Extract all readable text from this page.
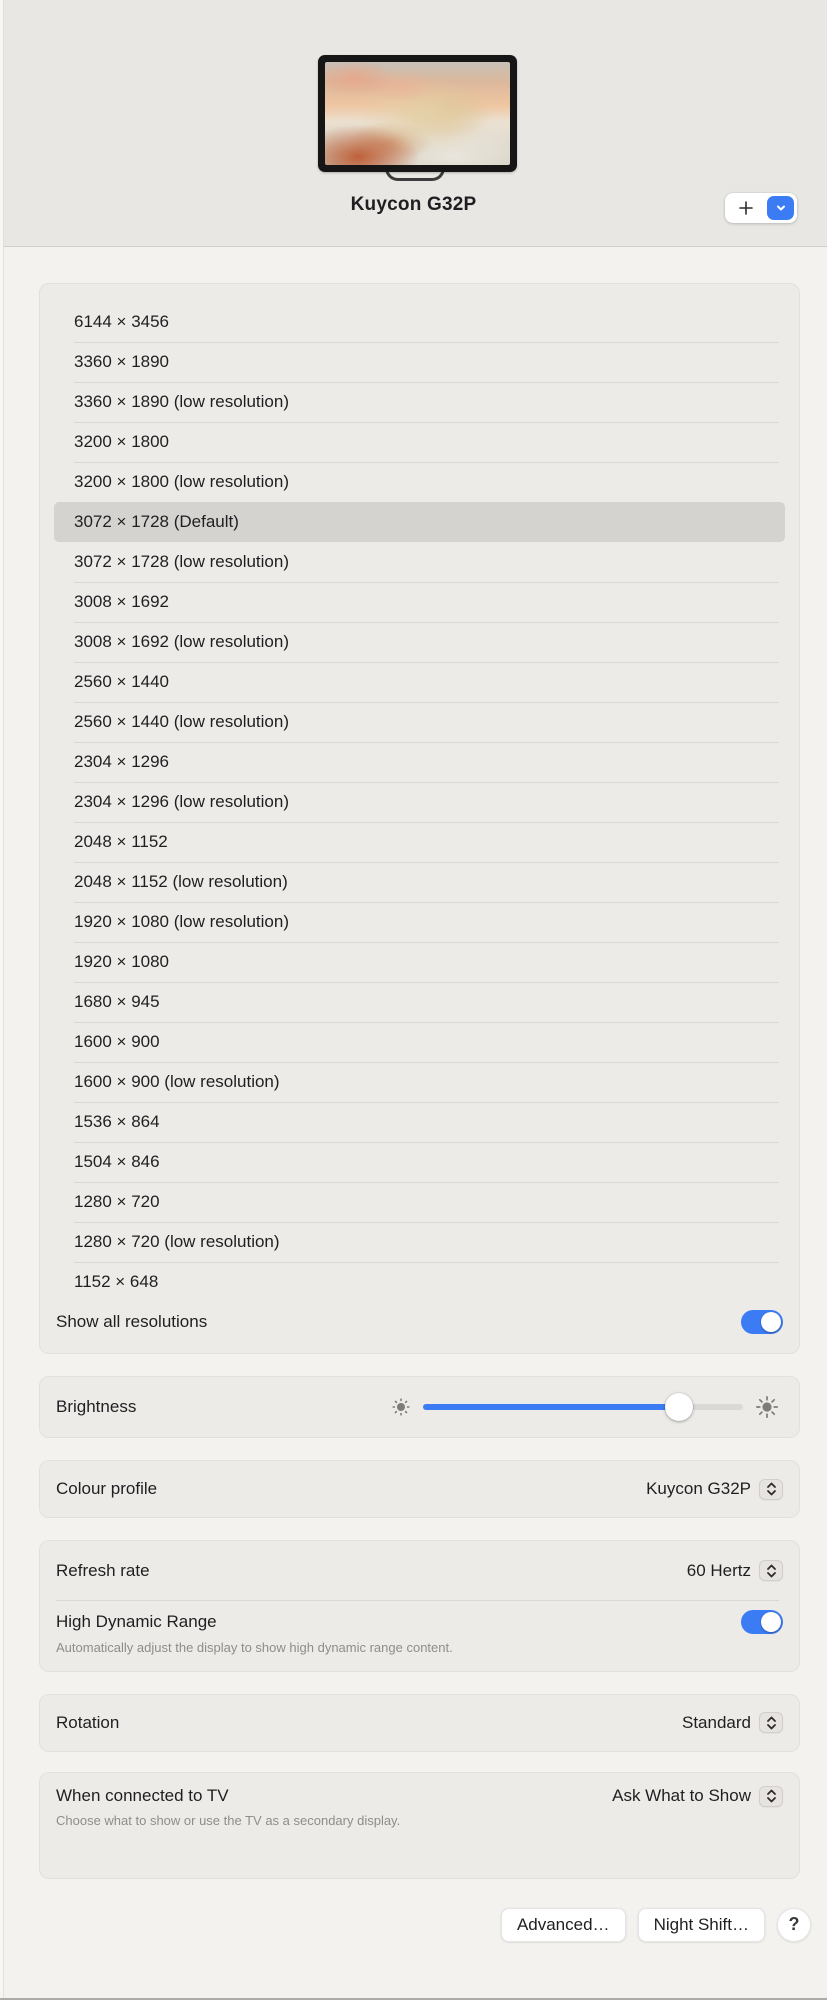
Kuycon G32P
6144 × 3456
3360 × 1890
3360 × 1890 (low resolution)
3200 × 1800
3200 × 1800 (low resolution)
3072 × 1728 (Default)
3072 × 1728 (low resolution)
3008 × 1692
3008 × 1692 (low resolution)
2560 × 1440
2560 × 1440 (low resolution)
2304 × 1296
2304 × 1296 (low resolution)
2048 × 1152
2048 × 1152 (low resolution)
1920 × 1080 (low resolution)
1920 × 1080
1680 × 945
1600 × 900
1600 × 900 (low resolution)
1536 × 864
1504 × 846
1280 × 720
1280 × 720 (low resolution)
1152 × 648
Show all resolutions
Brightness
Colour profile	Kuycon G32P
Refresh rate	60 Hertz
High Dynamic Range
Automatically adjust the display to show high dynamic range content.
Rotation	Standard
When connected to TV	Ask What to Show
Choose what to show or use the TV as a secondary display.
Advanced…	Night Shift…	?
